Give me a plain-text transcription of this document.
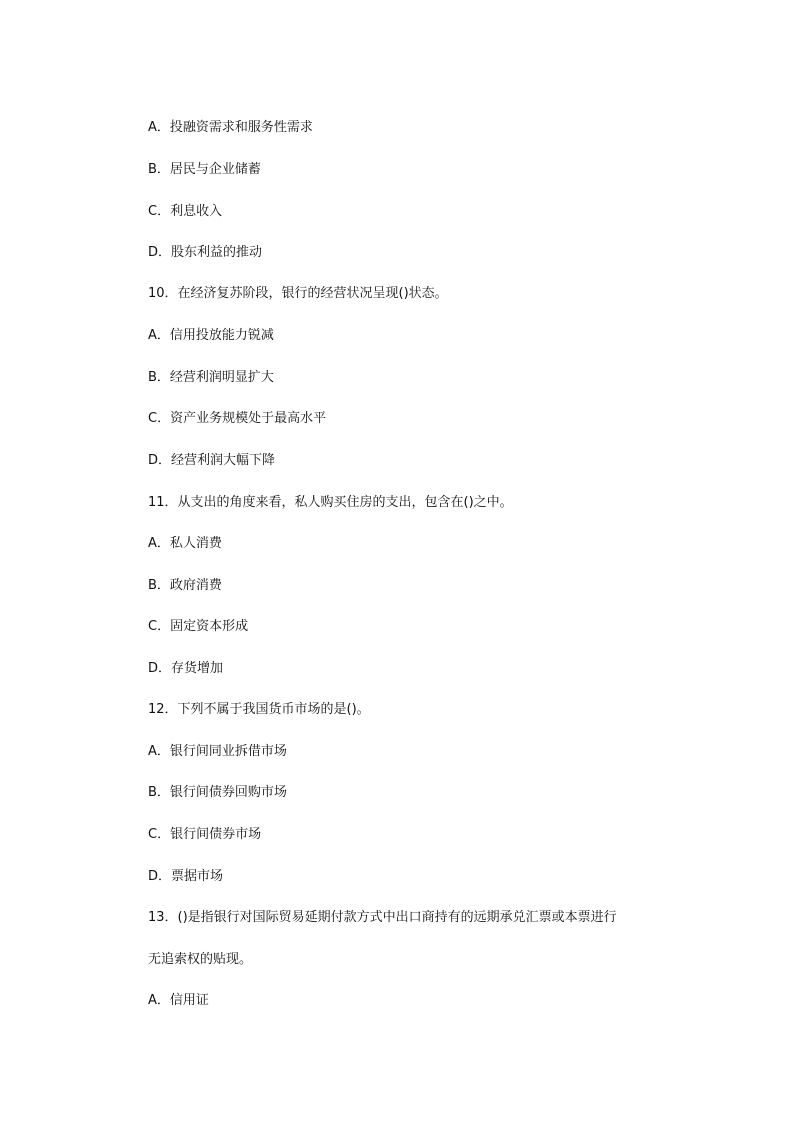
A．投融资需求和服务性需求
B．居民与企业储蓄
C．利息收入
D．股东利益的推动
10．在经济复苏阶段，银行的经营状况呈现()状态。
A．信用投放能力锐减
B．经营利润明显扩大
C．资产业务规模处于最高水平
D．经营利润大幅下降
11．从支出的角度来看，私人购买住房的支出，包含在()之中。
A．私人消费
B．政府消费
C．固定资本形成
D．存货增加
12．下列不属于我国货币市场的是()。
A．银行间同业拆借市场
B．银行间债券回购市场
C．银行间债券市场
D．票据市场
13．()是指银行对国际贸易延期付款方式中出口商持有的远期承兑汇票或本票进行
无追索权的贴现。
A．信用证
